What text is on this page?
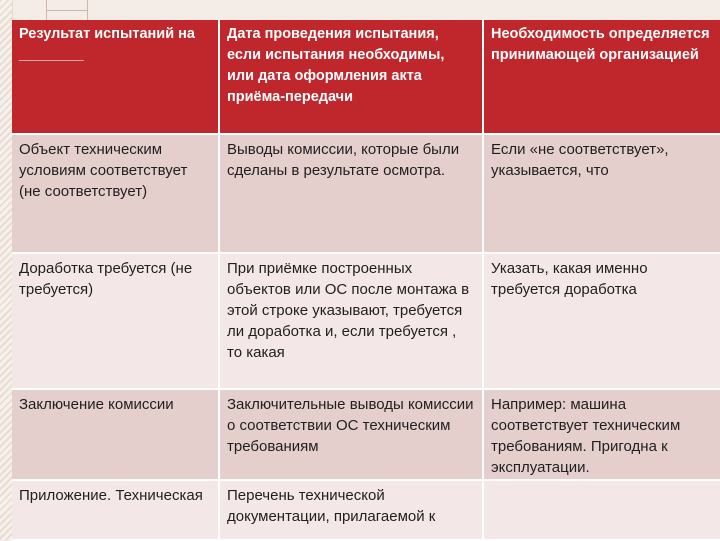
Результат испытаний на ________	Дата проведения испытания, если испытания необходимы, или дата оформления акта приёма-передачи	Необходимость определяется принимающей организацией
Объект техническим условиям соответствует (не соответствует)	Выводы комиссии, которые были сделаны в результате осмотра.	Если «не соответствует», указывается, что
Доработка требуется (не требуется)	При приёмке построенных объектов или ОС после монтажа в этой строке указывают, требуется ли доработка и, если требуется , то какая	Указать, какая именно требуется доработка
Заключение комиссии	Заключительные выводы комиссии о соответствии ОС техническим требованиям	Например: машина соответствует техническим требованиям. Пригодна к эксплуатации.
Приложение. Техническая	Перечень технической документации, прилагаемой к	
